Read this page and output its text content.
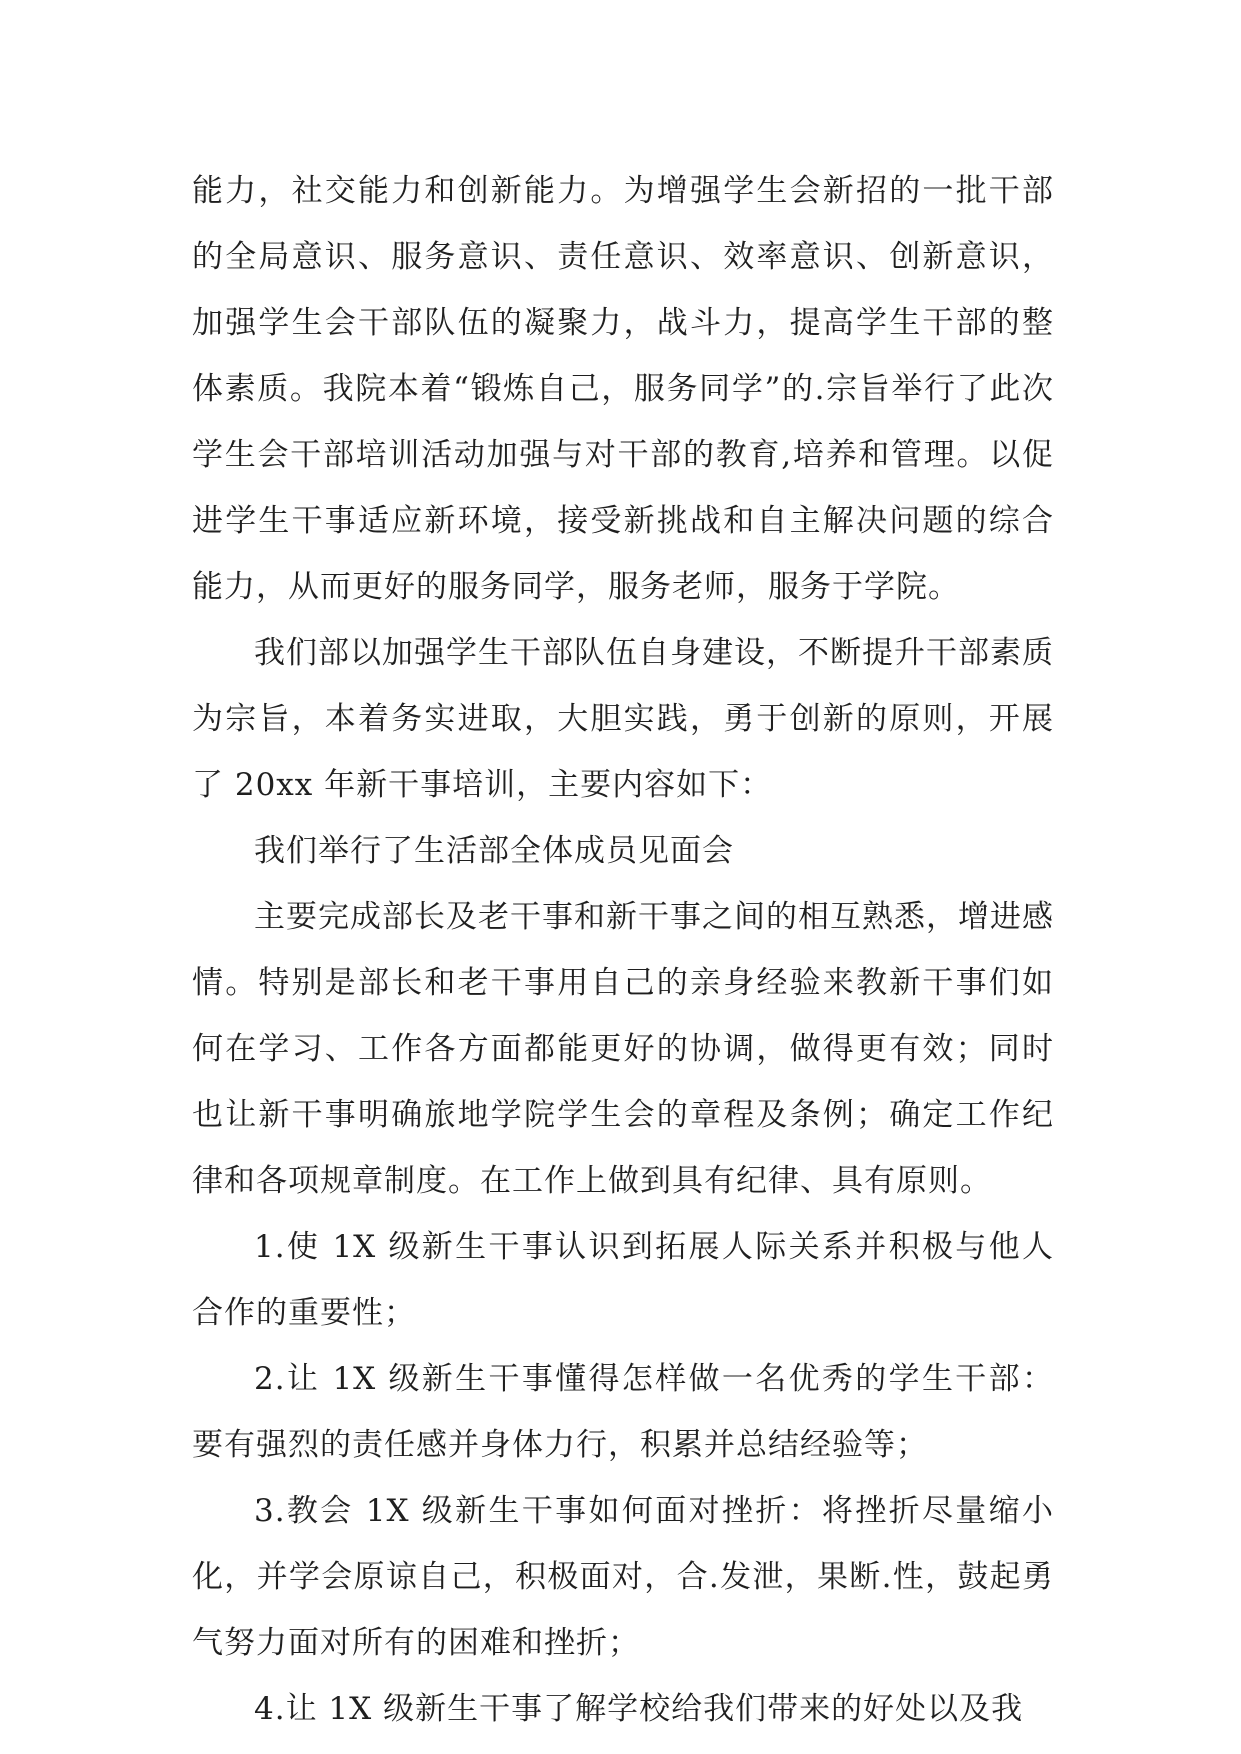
能力，社交能力和创新能力。为增强学生会新招的一批干部的全局意识、服务意识、责任意识、效率意识、创新意识，加强学生会干部队伍的凝聚力，战斗力，提高学生干部的整体素质。我院本着“锻炼自己，服务同学”的.宗旨举行了此次学生会干部培训活动加强与对干部的教育,培养和管理。以促进学生干事适应新环境，接受新挑战和自主解决问题的综合能力，从而更好的服务同学，服务老师，服务于学院。

我们部以加强学生干部队伍自身建设，不断提升干部素质为宗旨，本着务实进取，大胆实践，勇于创新的原则，开展了 20xx 年新干事培训，主要内容如下：

我们举行了生活部全体成员见面会

主要完成部长及老干事和新干事之间的相互熟悉，增进感情。特别是部长和老干事用自己的亲身经验来教新干事们如何在学习、工作各方面都能更好的协调，做得更有效；同时也让新干事明确旅地学院学生会的章程及条例；确定工作纪律和各项规章制度。在工作上做到具有纪律、具有原则。

1.使 1X 级新生干事认识到拓展人际关系并积极与他人合作的重要性；

2.让 1X 级新生干事懂得怎样做一名优秀的学生干部：要有强烈的责任感并身体力行，积累并总结经验等；

3.教会 1X 级新生干事如何面对挫折：将挫折尽量缩小化，并学会原谅自己，积极面对，合.发泄，果断.性，鼓起勇气努力面对所有的困难和挫折；

4.让 1X 级新生干事了解学校给我们带来的好处以及我
